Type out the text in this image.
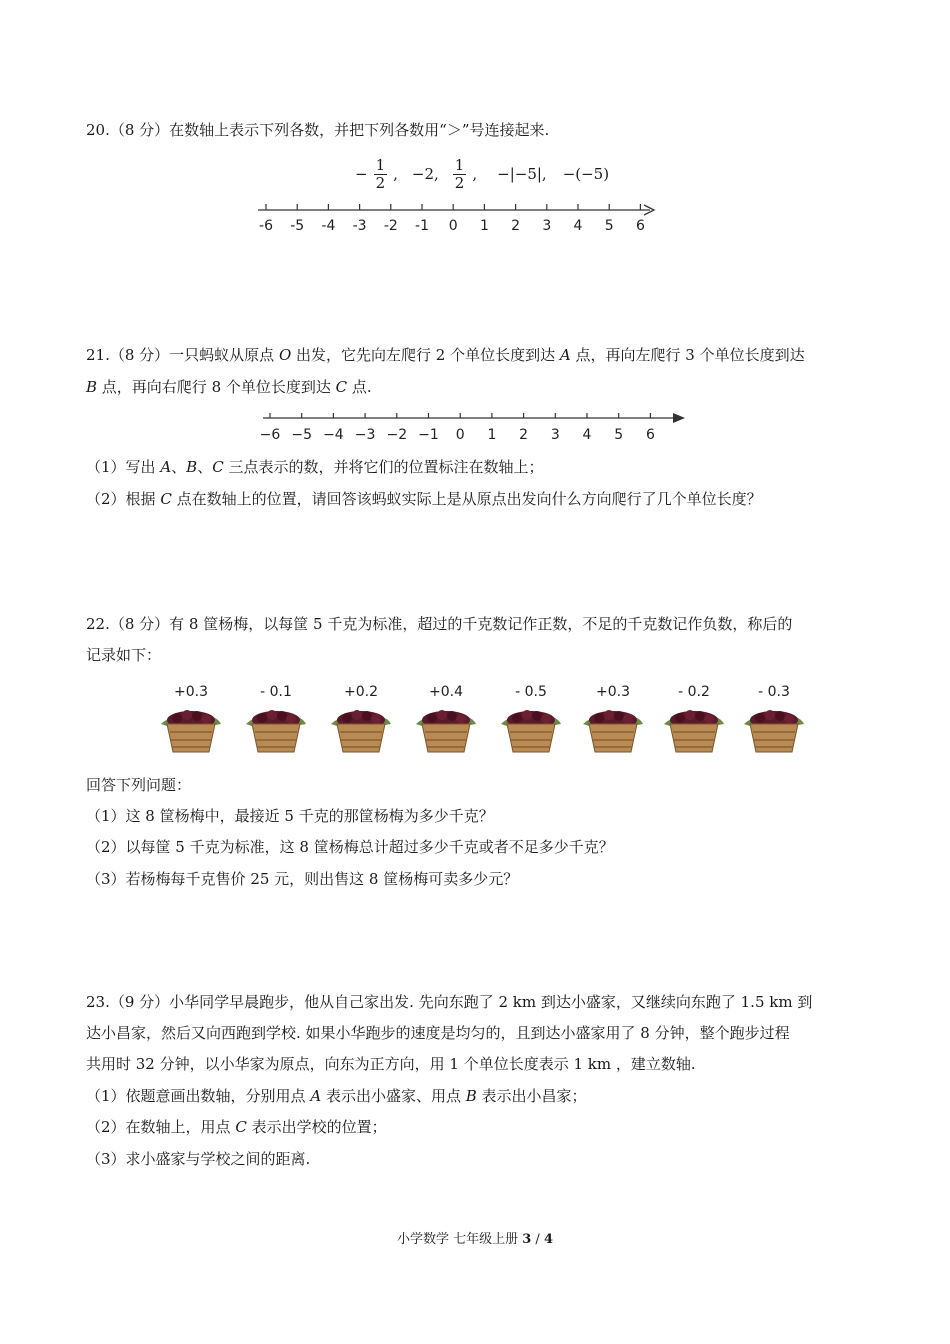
20.（8 分）在数轴上表示下列各数，并把下列各数用“＞”号连接起来.
− $\frac{1}{2}$ , −2, $\frac{1}{2}$ , −|−5|, −(−5)
-6 -5 -4 -3 -2 -1 0 1 2 3 4 5 6
21.（8 分）一只蚂蚁从原点 O 出发，它先向左爬行 2 个单位长度到达 A 点，再向左爬行 3 个单位长度到达
B 点，再向右爬行 8 个单位长度到达 C 点.
−6 −5 −4 −3 −2 −1 0 1 2 3 4 5 6
（1）写出 A、B、C 三点表示的数，并将它们的位置标注在数轴上；
（2）根据 C 点在数轴上的位置，请回答该蚂蚁实际上是从原点出发向什么方向爬行了几个单位长度？
22.（8 分）有 8 筐杨梅，以每筐 5 千克为标准，超过的千克数记作正数，不足的千克数记作负数，称后的
记录如下：
+0.3	- 0.1	+0.2	+0.4	- 0.5	+0.3	- 0.2	- 0.3
回答下列问题：
（1）这 8 筐杨梅中，最接近 5 千克的那筐杨梅为多少千克？
（2）以每筐 5 千克为标准，这 8 筐杨梅总计超过多少千克或者不足多少千克？
（3）若杨梅每千克售价 25 元，则出售这 8 筐杨梅可卖多少元？
23.（9 分）小华同学早晨跑步，他从自己家出发. 先向东跑了 2 km 到达小盛家，又继续向东跑了 1.5 km 到
达小昌家，然后又向西跑到学校. 如果小华跑步的速度是均匀的，且到达小盛家用了 8 分钟，整个跑步过程
共用时 32 分钟，以小华家为原点，向东为正方向，用 1 个单位长度表示 1 km ，建立数轴.
（1）依题意画出数轴，分别用点 A 表示出小盛家、用点 B 表示出小昌家；
（2）在数轴上，用点 C 表示出学校的位置；
（3）求小盛家与学校之间的距离.
小学数学 七年级上册 3 / 4
